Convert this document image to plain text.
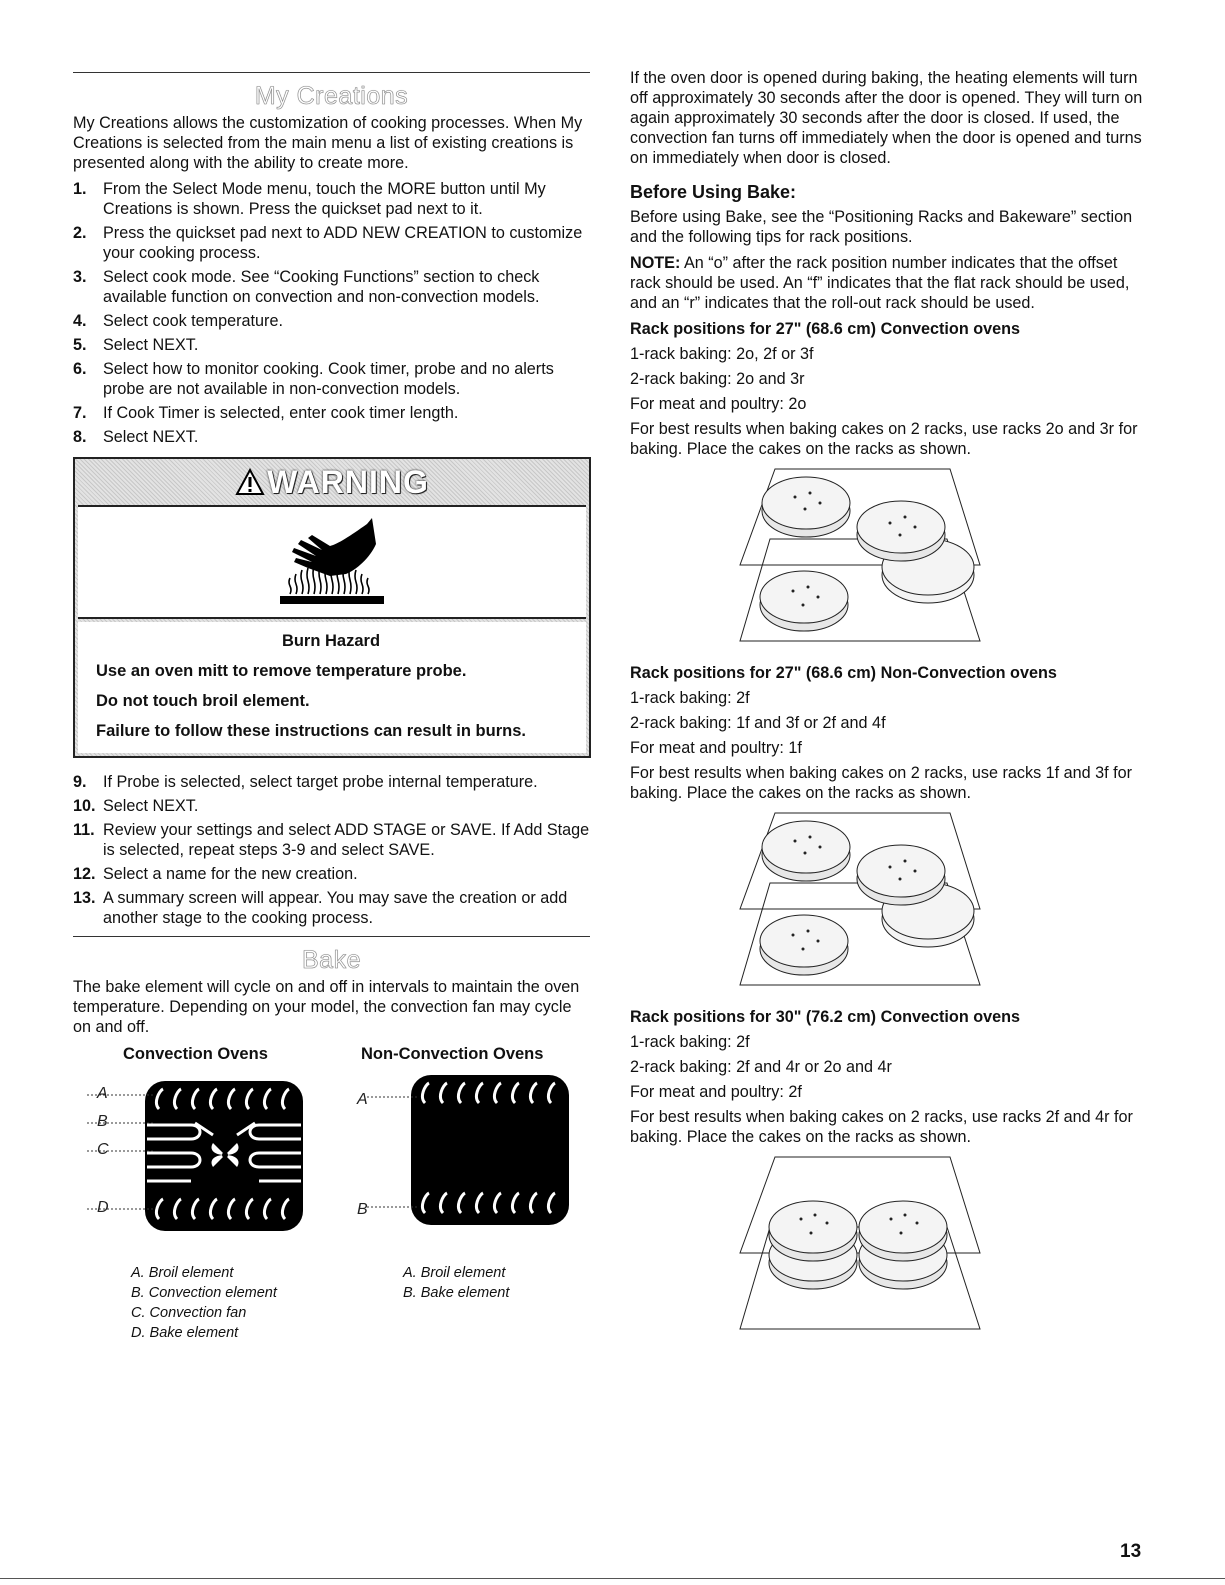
My Creations

My Creations allows the customization of cooking processes. When My Creations is selected from the main menu a list of existing creations is presented along with the ability to create more.

1. From the Select Mode menu, touch the MORE button until My Creations is shown. Press the quickset pad next to it.
2. Press the quickset pad next to ADD NEW CREATION to customize your cooking process.
3. Select cook mode. See “Cooking Functions” section to check available function on convection and non-convection models.
4. Select cook temperature.
5. Select NEXT.
6. Select how to monitor cooking. Cook timer, probe and no alerts probe are not available in non-convection models.
7. If Cook Timer is selected, enter cook timer length.
8. Select NEXT.
WARNING
Burn Hazard
Use an oven mitt to remove temperature probe.
Do not touch broil element.
Failure to follow these instructions can result in burns.
9. If Probe is selected, select target probe internal temperature.
10. Select NEXT.
11. Review your settings and select ADD STAGE or SAVE. If Add Stage is selected, repeat steps 3-9 and select SAVE.
12. Select a name for the new creation.
13. A summary screen will appear. You may save the creation or add another stage to the cooking process.
Bake

The bake element will cycle on and off in intervals to maintain the oven temperature. Depending on your model, the convection fan may cycle on and off.

Convection Ovens	Non-Convection Ovens
A
B
C
D
A
B
A. Broil element
B. Convection element
C. Convection fan
D. Bake element
A. Broil element
B. Bake element

If the oven door is opened during baking, the heating elements will turn off approximately 30 seconds after the door is opened. They will turn on again approximately 30 seconds after the door is closed. If used, the convection fan turns off immediately when the door is opened and turns on immediately when door is closed.

Before Using Bake:

Before using Bake, see the “Positioning Racks and Bakeware” section and the following tips for rack positions.

NOTE: An “o” after the rack position number indicates that the offset rack should be used. An “f” indicates that the flat rack should be used, and an “r” indicates that the roll-out rack should be used.

Rack positions for 27" (68.6 cm) Convection ovens

1-rack baking: 2o, 2f or 3f

2-rack baking: 2o and 3r

For meat and poultry: 2o

For best results when baking cakes on 2 racks, use racks 2o and 3r for baking. Place the cakes on the racks as shown.

Rack positions for 27" (68.6 cm) Non-Convection ovens

1-rack baking: 2f

2-rack baking: 1f and 3f or 2f and 4f

For meat and poultry: 1f

For best results when baking cakes on 2 racks, use racks 1f and 3f for baking. Place the cakes on the racks as shown.

Rack positions for 30" (76.2 cm) Convection ovens

1-rack baking: 2f

2-rack baking: 2f and 4r or 2o and 4r

For meat and poultry: 2f

For best results when baking cakes on 2 racks, use racks 2f and 4r for baking. Place the cakes on the racks as shown.

13
